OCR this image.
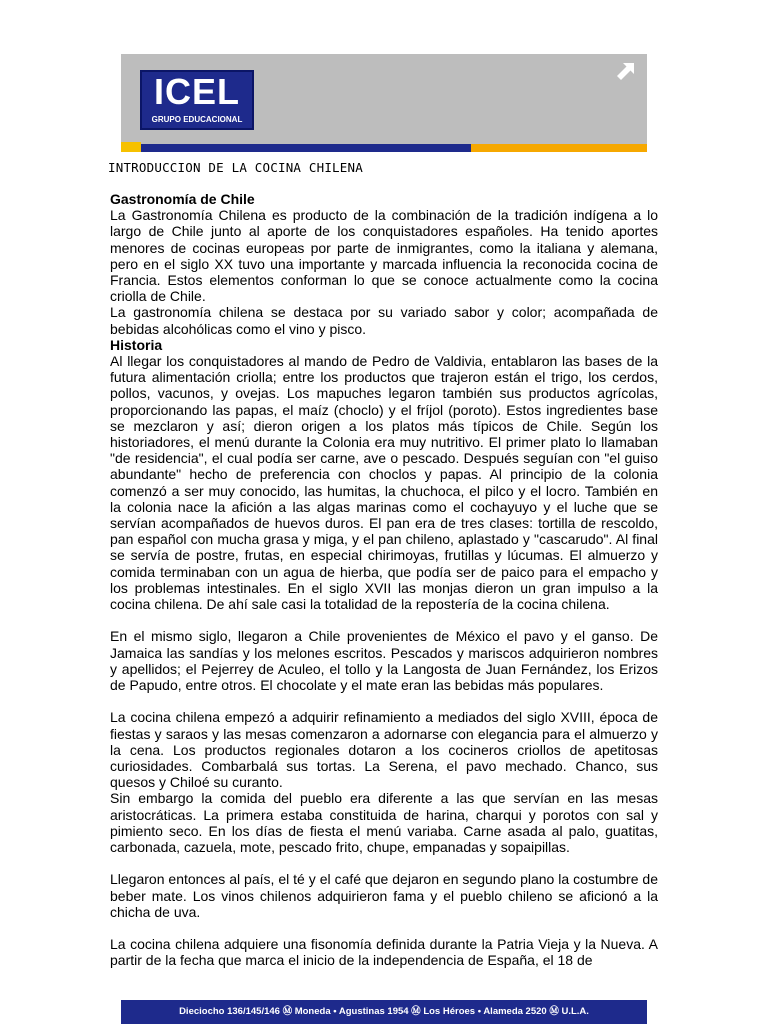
ICEL
GRUPO EDUCACIONAL
INTRODUCCION DE LA COCINA CHILENA
Gastronomía de Chile

La Gastronomía Chilena es producto de la combinación de la tradición indígena a lo largo de Chile junto al aporte de los conquistadores españoles. Ha tenido aportes menores de cocinas europeas por parte de inmigrantes, como la italiana y alemana, pero en el siglo XX tuvo una importante y marcada influencia la reconocida cocina de Francia. Estos elementos conforman lo que se conoce actualmente como la cocina criolla de Chile.

La gastronomía chilena se destaca por su variado sabor y color; acompañada de bebidas alcohólicas como el vino y pisco.

Historia

Al llegar los conquistadores al mando de Pedro de Valdivia, entablaron las bases de la futura alimentación criolla; entre los productos que trajeron están el trigo, los cerdos, pollos, vacunos, y ovejas. Los mapuches legaron también sus productos agrícolas, proporcionando las papas, el maíz (choclo) y el fríjol (poroto). Estos ingredientes base se mezclaron y así; dieron origen a los platos más típicos de Chile. Según los historiadores, el menú durante la Colonia era muy nutritivo. El primer plato lo llamaban "de residencia", el cual podía ser carne, ave o pescado. Después seguían con "el guiso abundante" hecho de preferencia con choclos y papas. Al principio de la colonia comenzó a ser muy conocido, las humitas, la chuchoca, el pilco y el locro. También en la colonia nace la afición a las algas marinas como el cochayuyo y el luche que se servían acompañados de huevos duros. El pan era de tres clases: tortilla de rescoldo, pan español con mucha grasa y miga, y el pan chileno, aplastado y "cascarudo". Al final se servía de postre, frutas, en especial chirimoyas, frutillas y lúcumas. El almuerzo y comida terminaban con un agua de hierba, que podía ser de paico para el empacho y los problemas intestinales. En el siglo XVII las monjas dieron un gran impulso a la cocina chilena. De ahí sale casi la totalidad de la repostería de la cocina chilena.

En el mismo siglo, llegaron a Chile provenientes de México el pavo y el ganso. De Jamaica las sandías y los melones escritos. Pescados y mariscos adquirieron nombres y apellidos; el Pejerrey de Aculeo, el tollo y la Langosta de Juan Fernández, los Erizos de Papudo, entre otros. El chocolate y el mate eran las bebidas más populares.

La cocina chilena empezó a adquirir refinamiento a mediados del siglo XVIII, época de fiestas y saraos y las mesas comenzaron a adornarse con elegancia para el almuerzo y la cena. Los productos regionales dotaron a los cocineros criollos de apetitosas curiosidades. Combarbalá sus tortas. La Serena, el pavo mechado. Chanco, sus quesos y Chiloé su curanto.

Sin embargo la comida del pueblo era diferente a las que servían en las mesas aristocráticas. La primera estaba constituida de harina, charqui y porotos con sal y pimiento seco. En los días de fiesta el menú variaba. Carne asada al palo, guatitas, carbonada, cazuela, mote, pescado frito, chupe, empanadas y sopaipillas.

Llegaron entonces al país, el té y el café que dejaron en segundo plano la costumbre de beber mate. Los vinos chilenos adquirieron fama y el pueblo chileno se aficionó a la chicha de uva.

La cocina chilena adquiere una fisonomía definida durante la Patria Vieja y la Nueva. A partir de la fecha que marca el inicio de la independencia de España, el 18 de

Dieciocho 136/145/146 Ⓜ Moneda • Agustinas 1954 Ⓜ Los Héroes • Alameda 2520 Ⓜ U.L.A.
